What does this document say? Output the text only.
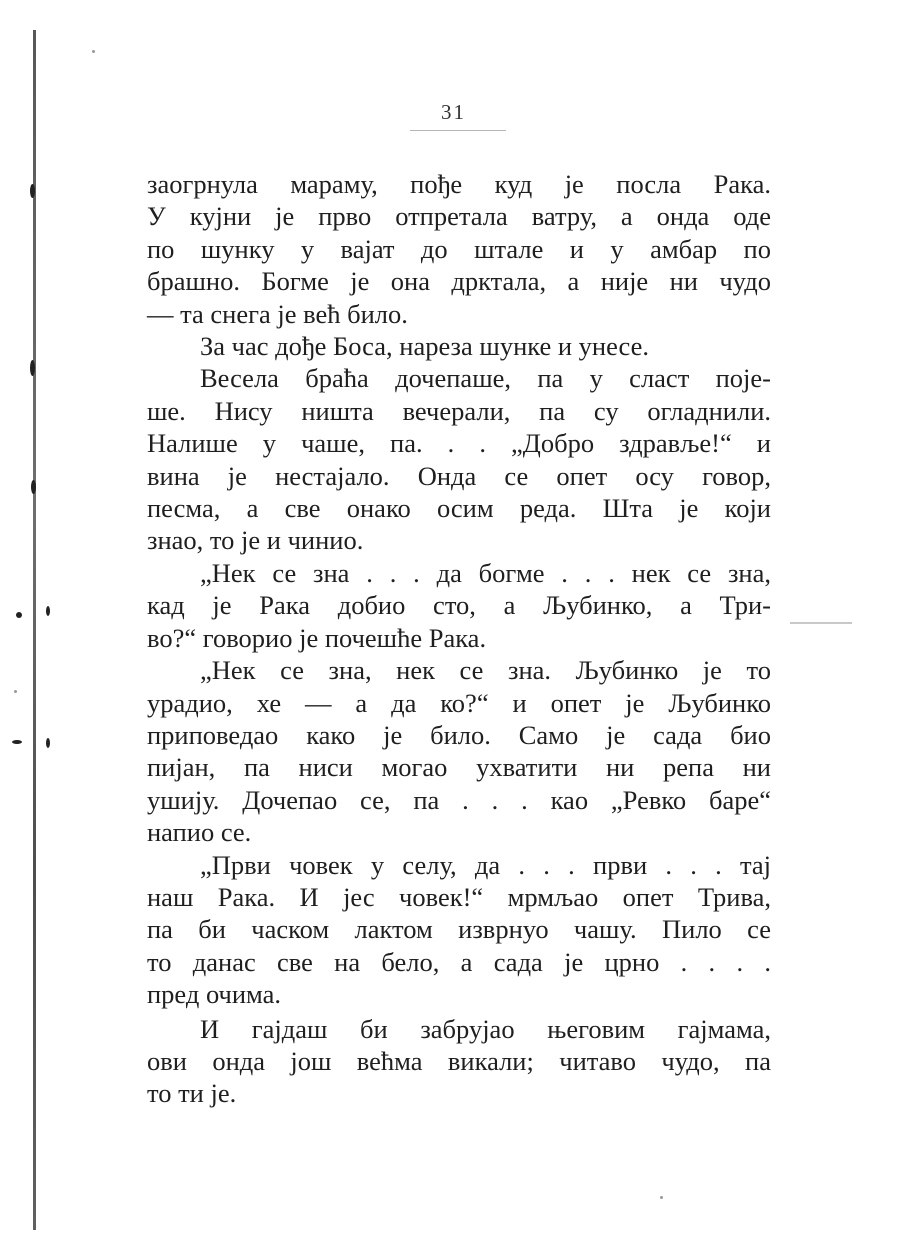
31
заогрнула мараму, пође куд је посла Рака.
У кујни је прво отпретала ватру, а онда оде
по шунку у вајат до штале и у амбар по
брашно. Богме је она дрктала, а није ни чудо
— та снега је већ било.
За час дође Боса, нареза шунке и унесе.
Весела браћа дочепаше, па у сласт поје-
ше. Нису ништа вечерали, па су огладнили.
Налише у чаше, па. . . „Добро здравље!“ и
вина је нестајало. Онда се опет осу говор,
песма, а све онако осим реда. Шта је који
знао, то је и чинио.
„Нек се зна . . . да богме . . . нек се зна,
кад је Рака добио сто, а Љубинко, а Три-
во?“ говорио је почешће Рака.
„Нек се зна, нек се зна. Љубинко је то
урадио, хе — а да ко?“ и опет је Љубинко
приповедао како је било. Само је сада био
пијан, па ниси могао ухватити ни репа ни
ушију. Дочепао се, па . . . као „Ревко баре“
напио се.
„Први човек у селу, да . . . први . . . тај
наш Рака. И јес човек!“ мрмљао опет Трива,
па би часком лактом изврнуо чашу. Пило се
то данас све на бело, а сада је црно . . . .
пред очима.
И гајдаш би забрујао његовим гајмама,
ови онда још већма викали; читаво чудо, па
то ти је.
